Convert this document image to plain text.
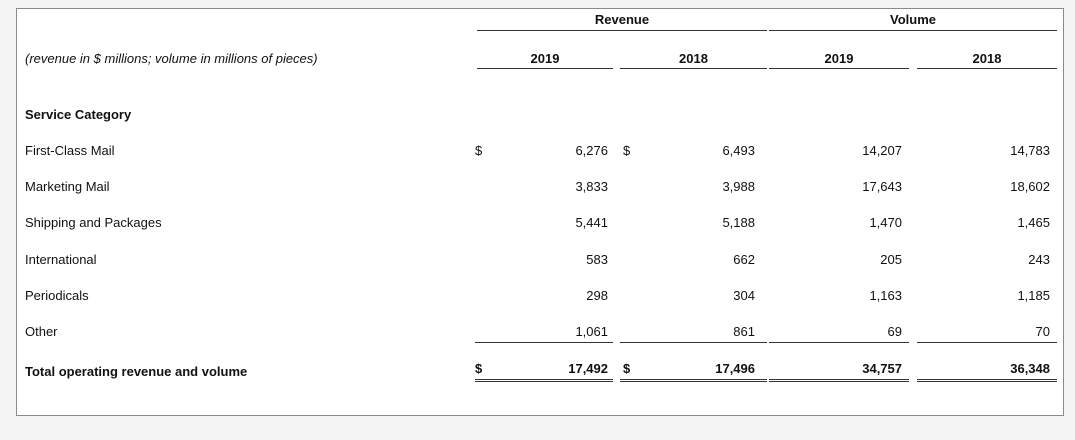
Revenue	Volume
(revenue in $ millions; volume in millions of pieces)	2019	2018	2019	2018
Service Category
First-Class Mail	$	6,276 $	6,493	14,207	14,783
Marketing Mail	3,833	3,988	17,643	18,602
Shipping and Packages	5,441	5,188	1,470	1,465
International	583	662	205	243
Periodicals	298	304	1,163	1,185
Other	1,061	861	69	70
Total operating revenue and volume	$	17,492 $	17,496	34,757	36,348
